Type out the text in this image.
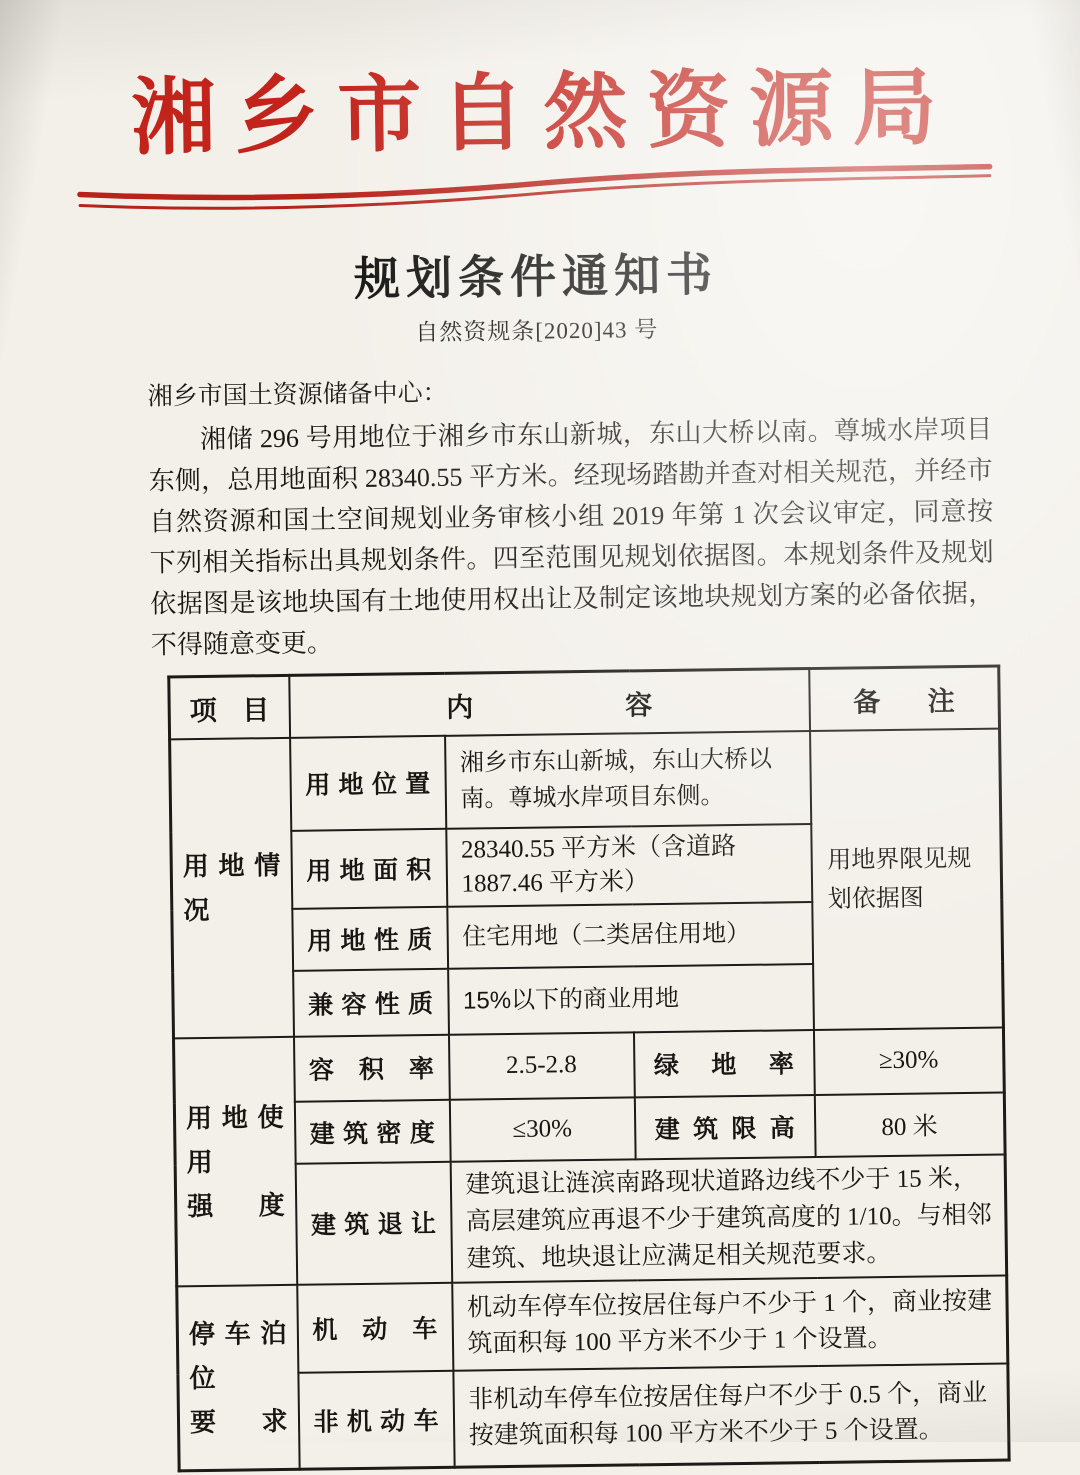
湘乡市自然资源局
规划条件通知书
自然资规条[2020]43 号
湘乡市国土资源储备中心：
湘储 296 号用地位于湘乡市东山新城，东山大桥以南。尊城水岸项目东侧，总用地面积 28340.55 平方米。经现场踏勘并查对相关规范，并经市自然资源和国土空间规划业务审核小组 2019 年第 1 次会议审定，同意按下列相关指标出具规划条件。四至范围见规划依据图。本规划条件及规划依据图是该地块国有土地使用权出让及制定该地块规划方案的必备依据，不得随意变更。
项目	内容			备注

用地情况	用地位置	湘乡市东山新城，东山大桥以南。尊城水岸项目东侧。		用地界限见规划依据图

	用地面积	28340.55 平方米（含道路 1887.46 平方米）		

	用地性质	住宅用地（二类居住用地）		

	兼容性质	15%以下的商业用地		

用地使用
强度	容积率	2.5-2.8	绿地率	≥30%

	建筑密度	≤30%	建筑限高	80 米

	建筑退让	建筑退让涟滨南路现状道路边线不少于 15 米，高层建筑应再退不少于建筑高度的 1/10。与相邻建筑、地块退让应满足相关规范要求。		

停车泊位
要求	机动车	机动车停车位按居住每户不少于 1 个，商业按建筑面积每 100 平方米不少于 1 个设置。		

	非机动车	非机动车停车位按居住每户不少于 0.5 个，商业按建筑面积每 100 平方米不少于 5 个设置。		
